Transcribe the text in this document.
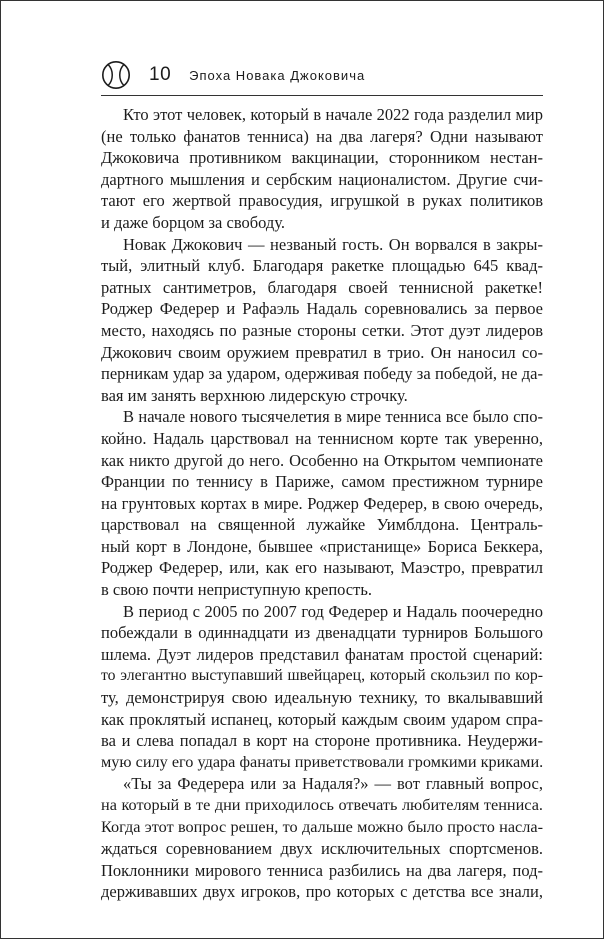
10 Эпоха Новака Джоковича
Кто этот человек, который в начале 2022 года разделил мир
(не только фанатов тенниса) на два лагеря? Одни называют
Джоковича противником вакцинации, сторонником нестан-
дартного мышления и сербским националистом. Другие счи-
тают его жертвой правосудия, игрушкой в руках политиков
и даже борцом за свободу.
Новак Джокович — незваный гость. Он ворвался в закры-
тый, элитный клуб. Благодаря ракетке площадью 645 квад-
ратных сантиметров, благодаря своей теннисной ракетке!
Роджер Федерер и Рафаэль Надаль соревновались за первое
место, находясь по разные стороны сетки. Этот дуэт лидеров
Джокович своим оружием превратил в трио. Он наносил со-
перникам удар за ударом, одерживая победу за победой, не да-
вая им занять верхнюю лидерскую строчку.
В начале нового тысячелетия в мире тенниса все было спо-
койно. Надаль царствовал на теннисном корте так уверенно,
как никто другой до него. Особенно на Открытом чемпионате
Франции по теннису в Париже, самом престижном турнире
на грунтовых кортах в мире. Роджер Федерер, в свою очередь,
царствовал на священной лужайке Уимблдона. Централь-
ный корт в Лондоне, бывшее «пристанище» Бориса Беккера,
Роджер Федерер, или, как его называют, Маэстро, превратил
в свою почти неприступную крепость.
В период с 2005 по 2007 год Федерер и Надаль поочередно
побеждали в одиннадцати из двенадцати турниров Большого
шлема. Дуэт лидеров представил фанатам простой сценарий:
то элегантно выступавший швейцарец, который скользил по кор-
ту, демонстрируя свою идеальную технику, то вкалывавший
как проклятый испанец, который каждым своим ударом спра-
ва и слева попадал в корт на стороне противника. Неудержи-
мую силу его удара фанаты приветствовали громкими криками.
«Ты за Федерера или за Надаля?» — вот главный вопрос,
на который в те дни приходилось отвечать любителям тенниса.
Когда этот вопрос решен, то дальше можно было просто насла-
ждаться соревнованием двух исключительных спортсменов.
Поклонники мирового тенниса разбились на два лагеря, под-
держивавших двух игроков, про которых с детства все знали,
